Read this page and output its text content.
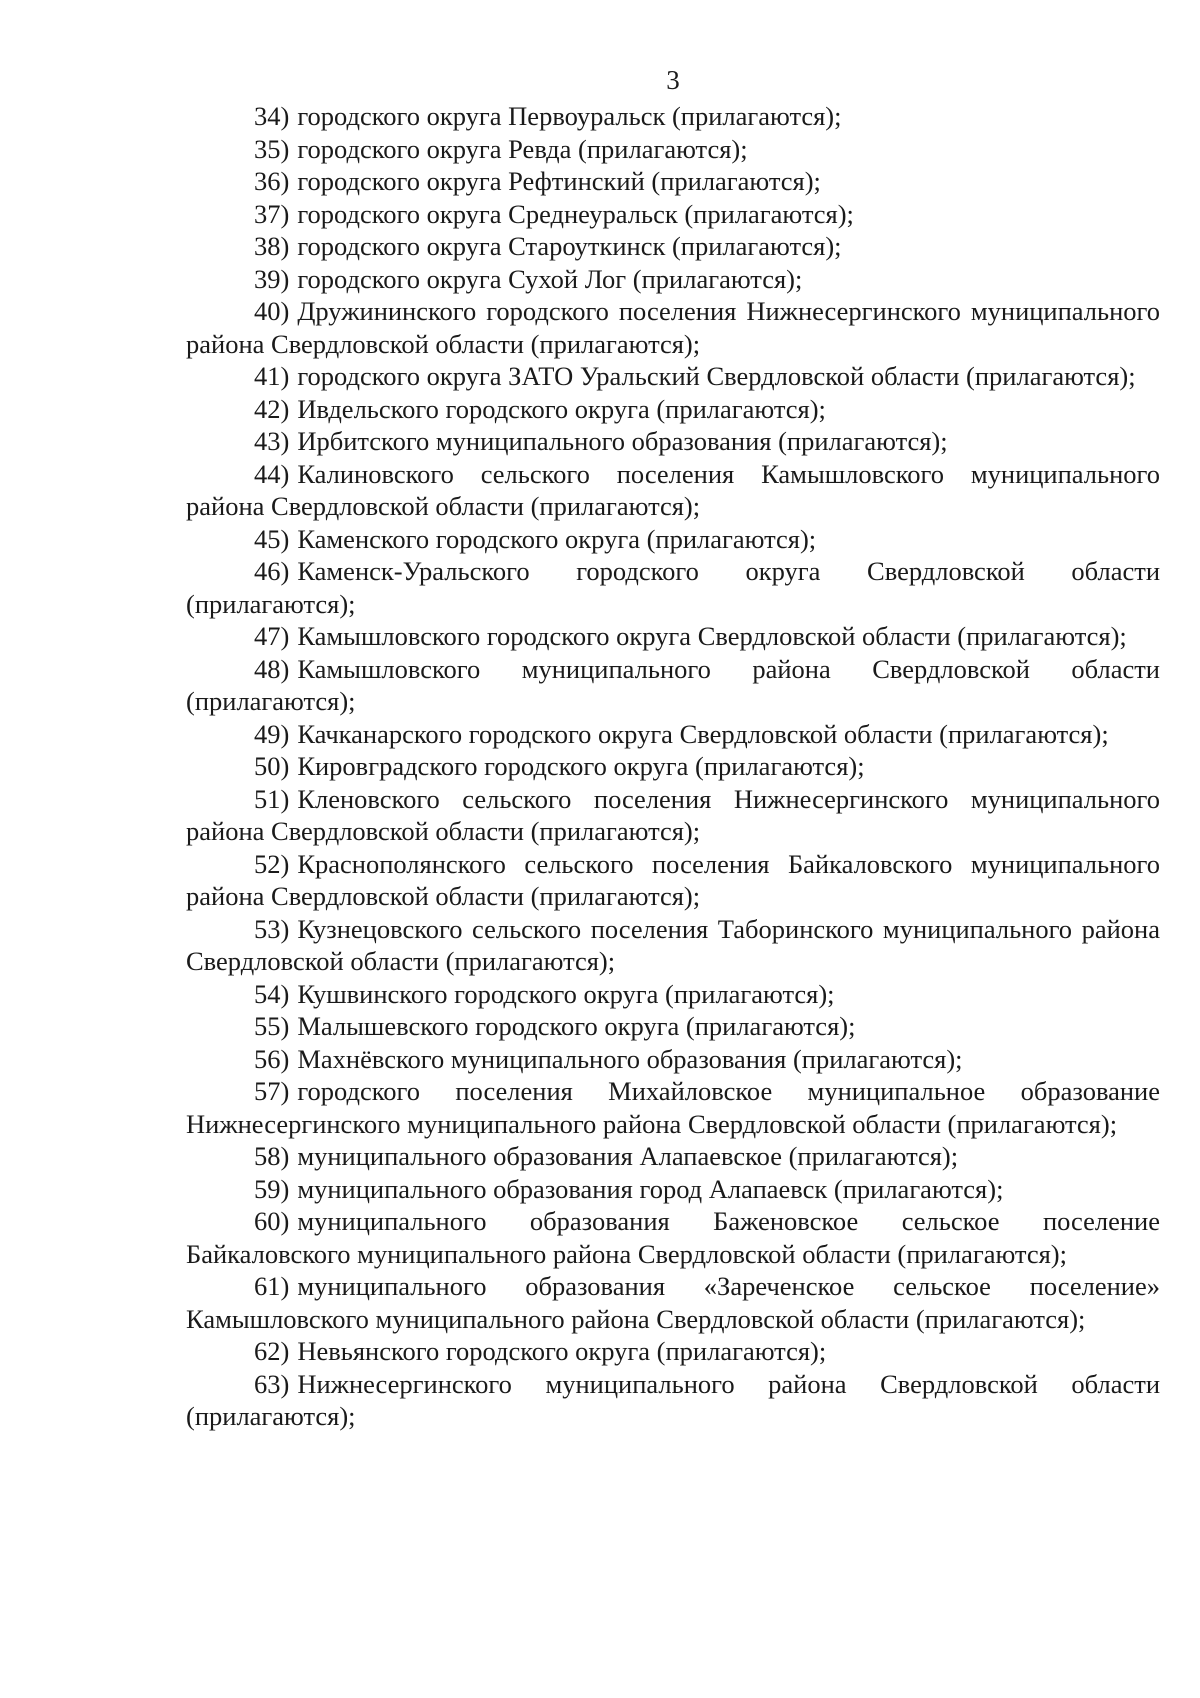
3

34) городского округа Первоуральск (прилагаются);

35) городского округа Ревда (прилагаются);

36) городского округа Рефтинский (прилагаются);

37) городского округа Среднеуральск (прилагаются);

38) городского округа Староуткинск (прилагаются);

39) городского округа Сухой Лог (прилагаются);

40) Дружининского городского поселения Нижнесергинского муниципального района Свердловской области (прилагаются);

41) городского округа ЗАТО Уральский Свердловской области (прилагаются);

42) Ивдельского городского округа (прилагаются);

43) Ирбитского муниципального образования (прилагаются);

44) Калиновского сельского поселения Камышловского муниципального района Свердловской области (прилагаются);

45) Каменского городского округа (прилагаются);

46) Каменск-Уральского городского округа Свердловской области (прилагаются);

47) Камышловского городского округа Свердловской области (прилагаются);

48) Камышловского муниципального района Свердловской области (прилагаются);

49) Качканарского городского округа Свердловской области (прилагаются);

50) Кировградского городского округа (прилагаются);

51) Кленовского сельского поселения Нижнесергинского муниципального района Свердловской области (прилагаются);

52) Краснополянского сельского поселения Байкаловского муниципального района Свердловской области (прилагаются);

53) Кузнецовского сельского поселения Таборинского муниципального района Свердловской области (прилагаются);

54) Кушвинского городского округа (прилагаются);

55) Малышевского городского округа (прилагаются);

56) Махнёвского муниципального образования (прилагаются);

57) городского поселения Михайловское муниципальное образование Нижнесергинского муниципального района Свердловской области (прилагаются);

58) муниципального образования Алапаевское (прилагаются);

59) муниципального образования город Алапаевск (прилагаются);

60) муниципального образования Баженовское сельское поселение Байкаловского муниципального района Свердловской области (прилагаются);

61) муниципального образования «Зареченское сельское поселение» Камышловского муниципального района Свердловской области (прилагаются);

62) Невьянского городского округа (прилагаются);

63) Нижнесергинского муниципального района Свердловской области (прилагаются);
